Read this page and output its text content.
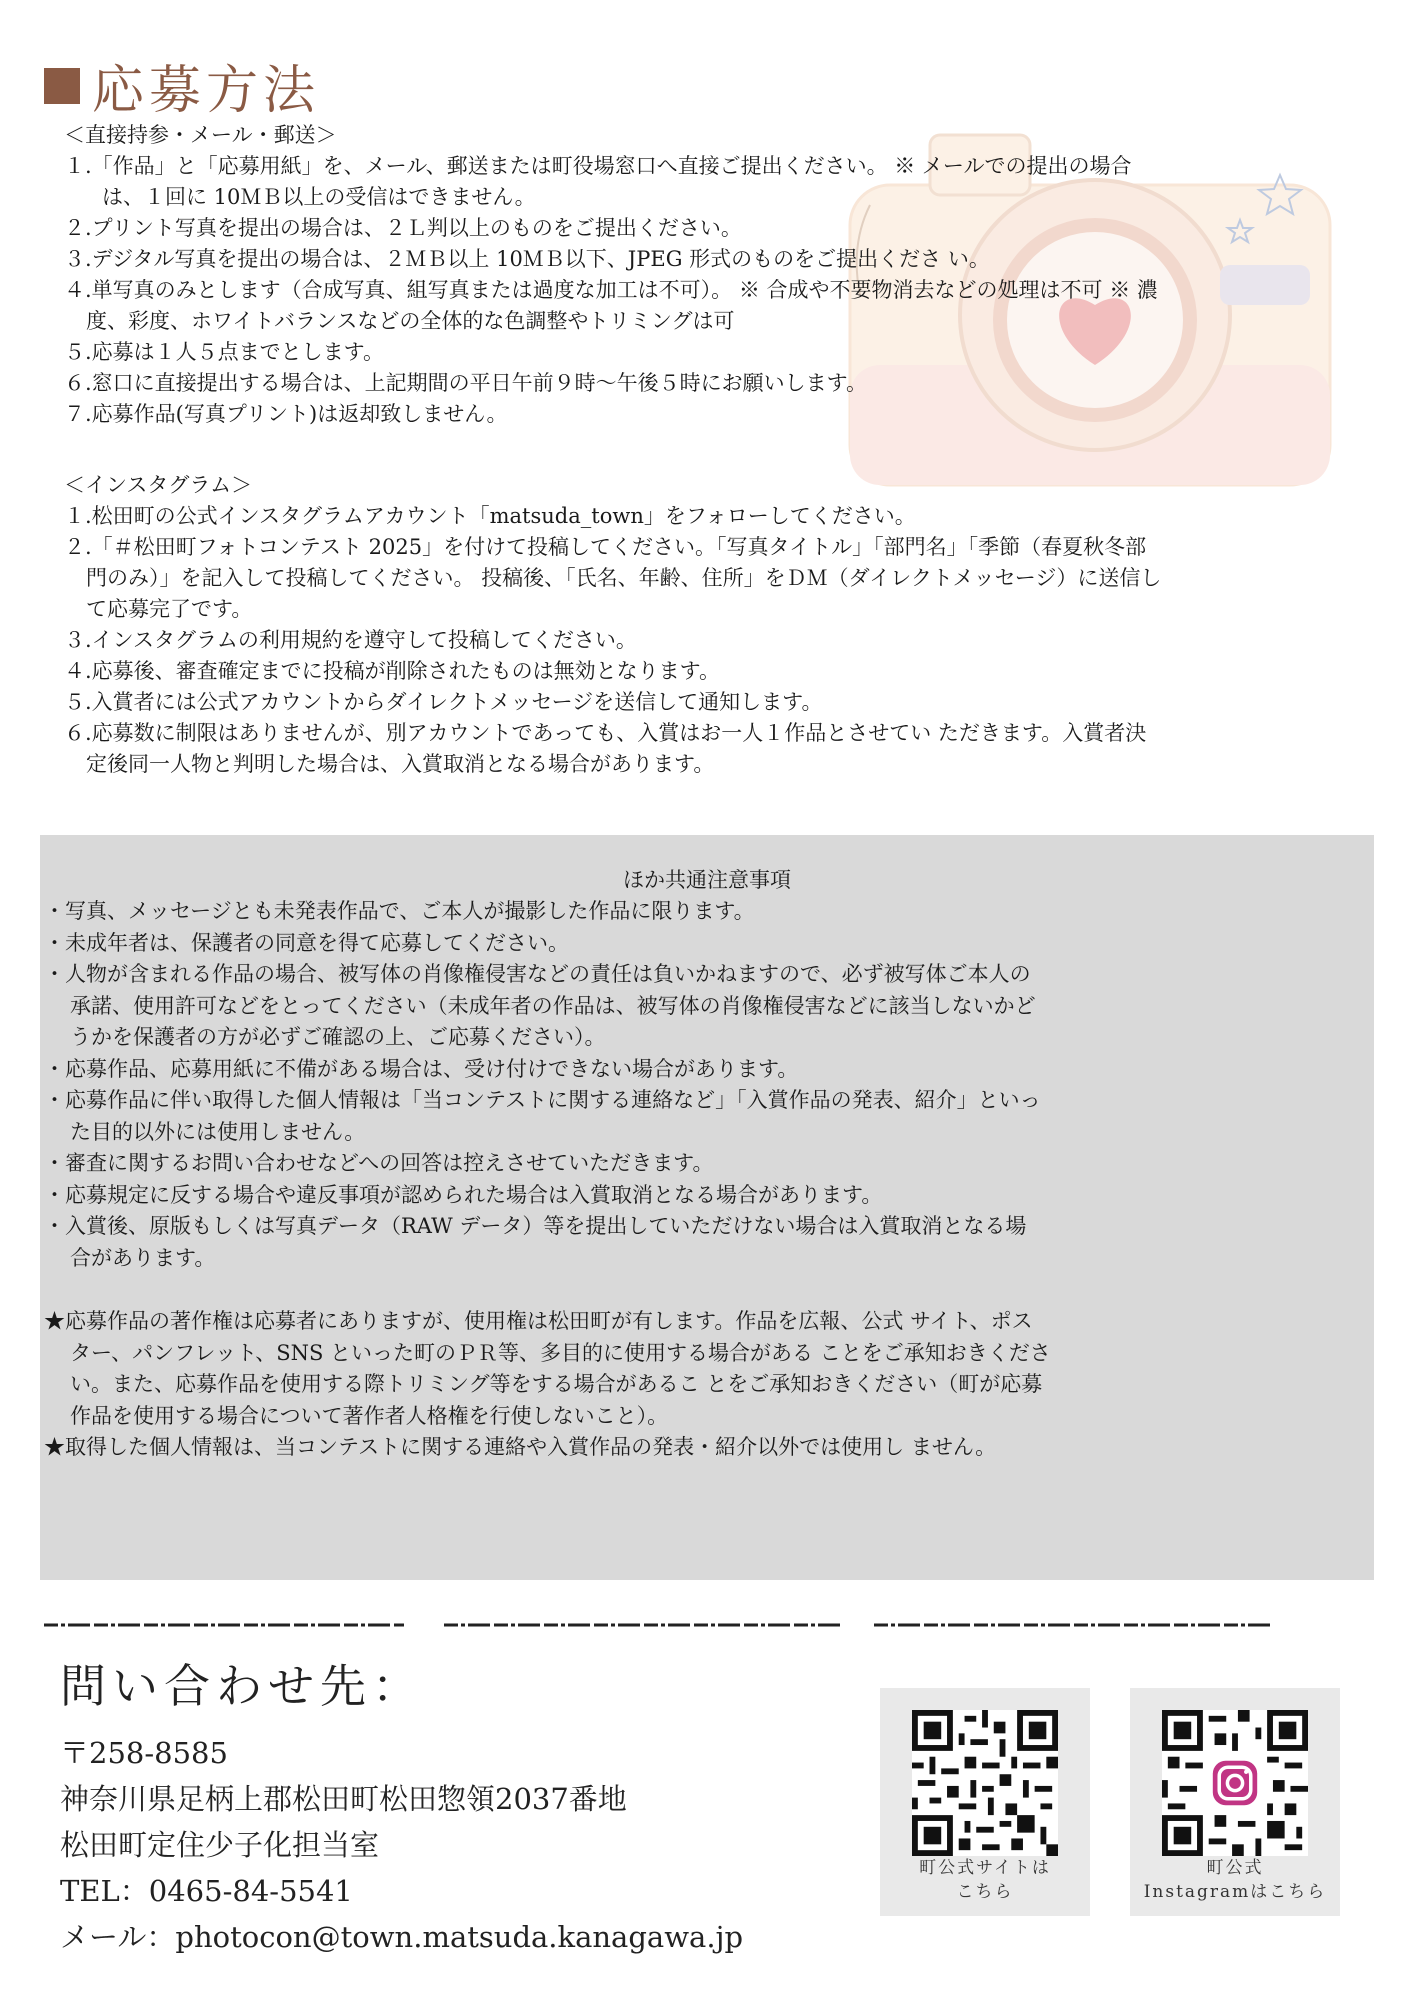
応募方法
＜直接持参・メール・郵送＞
１ .「作品」と「応募用紙」を、メール、郵送または町役場窓口へ直接ご提出ください。 ※ メールでの提出の場合
は、１回に 10ＭＢ以上の受信はできません。
２ .プリント写真を提出の場合は、２Ｌ判以上のものをご提出ください。
３ .デジタル写真を提出の場合は、２ＭＢ以上 10ＭＢ以下、JPEG 形式のものをご提出くださ い。
４ .単写真のみとします（合成写真、組写真または過度な加工は不可）。 ※ 合成や不要物消去などの処理は不可 ※ 濃
度、彩度、ホワイトバランスなどの全体的な色調整やトリミングは可
５ .応募は１人５点までとします。
６ .窓口に直接提出する場合は、上記期間の平日午前９時～午後５時にお願いします。
７ .応募作品(写真プリント)は返却致しません。
＜インスタグラム＞
１ .松田町の公式インスタグラムアカウント「matsuda_town」をフォローしてください。
２ .「＃松田町フォトコンテスト 2025」を付けて投稿してください。「写真タイトル」「部門名」「季節（春夏秋冬部
門のみ）」を記入して投稿してください。 投稿後、「氏名、年齢、住所」をＤＭ（ダイレクトメッセージ）に送信し
て応募完了です。
３ .インスタグラムの利用規約を遵守して投稿してください。
４ .応募後、審査確定までに投稿が削除されたものは無効となります。
５ .入賞者には公式アカウントからダイレクトメッセージを送信して通知します。
６ .応募数に制限はありませんが、別アカウントであっても、入賞はお一人１作品とさせてい ただきます。入賞者決
定後同一人物と判明した場合は、入賞取消となる場合があります。
ほか共通注意事項
・写真、メッセージとも未発表作品で、ご本人が撮影した作品に限ります。
・未成年者は、保護者の同意を得て応募してください。
・人物が含まれる作品の場合、被写体の肖像権侵害などの責任は負いかねますので、必ず被写体ご本人の
承諾、使用許可などをとってください（未成年者の作品は、被写体の肖像権侵害などに該当しないかど
うかを保護者の方が必ずご確認の上、ご応募ください）。
・応募作品、応募用紙に不備がある場合は、受け付けできない場合があります。
・応募作品に伴い取得した個人情報は「当コンテストに関する連絡など」「入賞作品の発表、紹介」といっ
た目的以外には使用しません。
・審査に関するお問い合わせなどへの回答は控えさせていただきます。
・応募規定に反する場合や違反事項が認められた場合は入賞取消となる場合があります。
・入賞後、原版もしくは写真データ（RAW データ）等を提出していただけない場合は入賞取消となる場
合があります。
★応募作品の著作権は応募者にありますが、使用権は松田町が有します。作品を広報、公式 サイト、ポス
ター、パンフレット、SNS といった町のＰＲ等、多目的に使用する場合がある ことをご承知おきくださ
い。また、応募作品を使用する際トリミング等をする場合があるこ とをご承知おきください（町が応募
作品を使用する場合について著作者人格権を行使しないこと）。
★取得した個人情報は、当コンテストに関する連絡や入賞作品の発表・紹介以外では使用し ません。
問い合わせ先：
〒258-8585
神奈川県足柄上郡松田町松田惣領2037番地
松田町定住少子化担当室
TEL：0465-84-5541
メール：photocon@town.matsuda.kanagawa.jp
町公式サイトは
こちら
町公式
Instagramはこちら
